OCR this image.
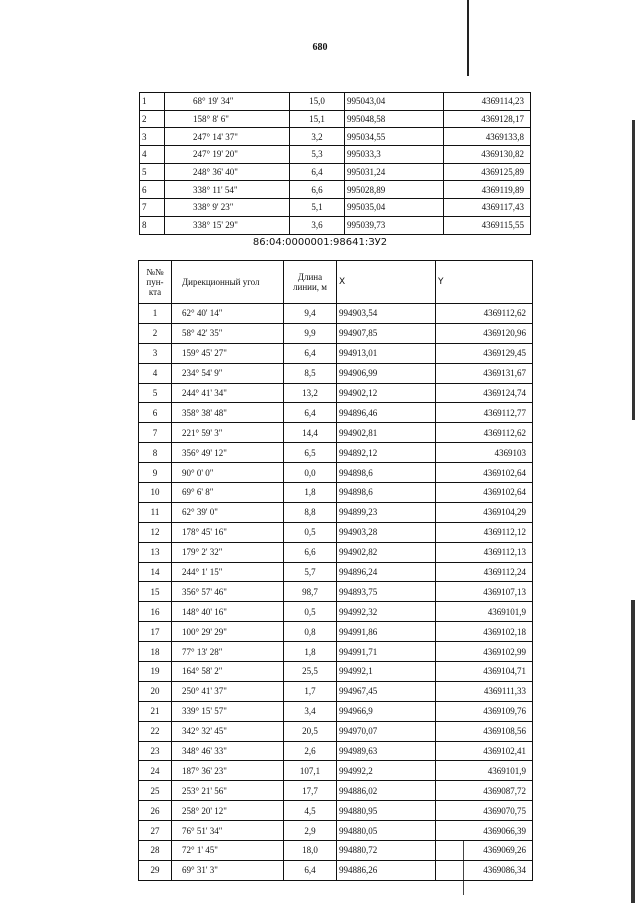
680
1	68° 19' 34"	15,0	995043,04	4369114,23
2	158° 8' 6"	15,1	995048,58	4369128,17
3	247° 14' 37"	3,2	995034,55	4369133,8
4	247° 19' 20"	5,3	995033,3	4369130,82
5	248° 36' 40"	6,4	995031,24	4369125,89
6	338° 11' 54"	6,6	995028,89	4369119,89
7	338° 9' 23"	5,1	995035,04	4369117,43
8	338° 15' 29"	3,6	995039,73	4369115,55
86:04:0000001:98641:ЗУ2
№№ пун-кта	Дирекционный угол	Длина линии, м	X	Y
1	62° 40' 14"	9,4	994903,54	4369112,62
2	58° 42' 35"	9,9	994907,85	4369120,96
3	159° 45' 27"	6,4	994913,01	4369129,45
4	234° 54' 9"	8,5	994906,99	4369131,67
5	244° 41' 34"	13,2	994902,12	4369124,74
6	358° 38' 48"	6,4	994896,46	4369112,77
7	221° 59' 3"	14,4	994902,81	4369112,62
8	356° 49' 12"	6,5	994892,12	4369103
9	90° 0' 0"	0,0	994898,6	4369102,64
10	69° 6' 8"	1,8	994898,6	4369102,64
11	62° 39' 0"	8,8	994899,23	4369104,29
12	178° 45' 16"	0,5	994903,28	4369112,12
13	179° 2' 32"	6,6	994902,82	4369112,13
14	244° 1' 15"	5,7	994896,24	4369112,24
15	356° 57' 46"	98,7	994893,75	4369107,13
16	148° 40' 16"	0,5	994992,32	4369101,9
17	100° 29' 29"	0,8	994991,86	4369102,18
18	77° 13' 28"	1,8	994991,71	4369102,99
19	164° 58' 2"	25,5	994992,1	4369104,71
20	250° 41' 37"	1,7	994967,45	4369111,33
21	339° 15' 57"	3,4	994966,9	4369109,76
22	342° 32' 45"	20,5	994970,07	4369108,56
23	348° 46' 33"	2,6	994989,63	4369102,41
24	187° 36' 23"	107,1	994992,2	4369101,9
25	253° 21' 56"	17,7	994886,02	4369087,72
26	258° 20' 12"	4,5	994880,95	4369070,75
27	76° 51' 34"	2,9	994880,05	4369066,39
28	72° 1' 45"	18,0	994880,72	4369069,26
29	69° 31' 3"	6,4	994886,26	4369086,34
